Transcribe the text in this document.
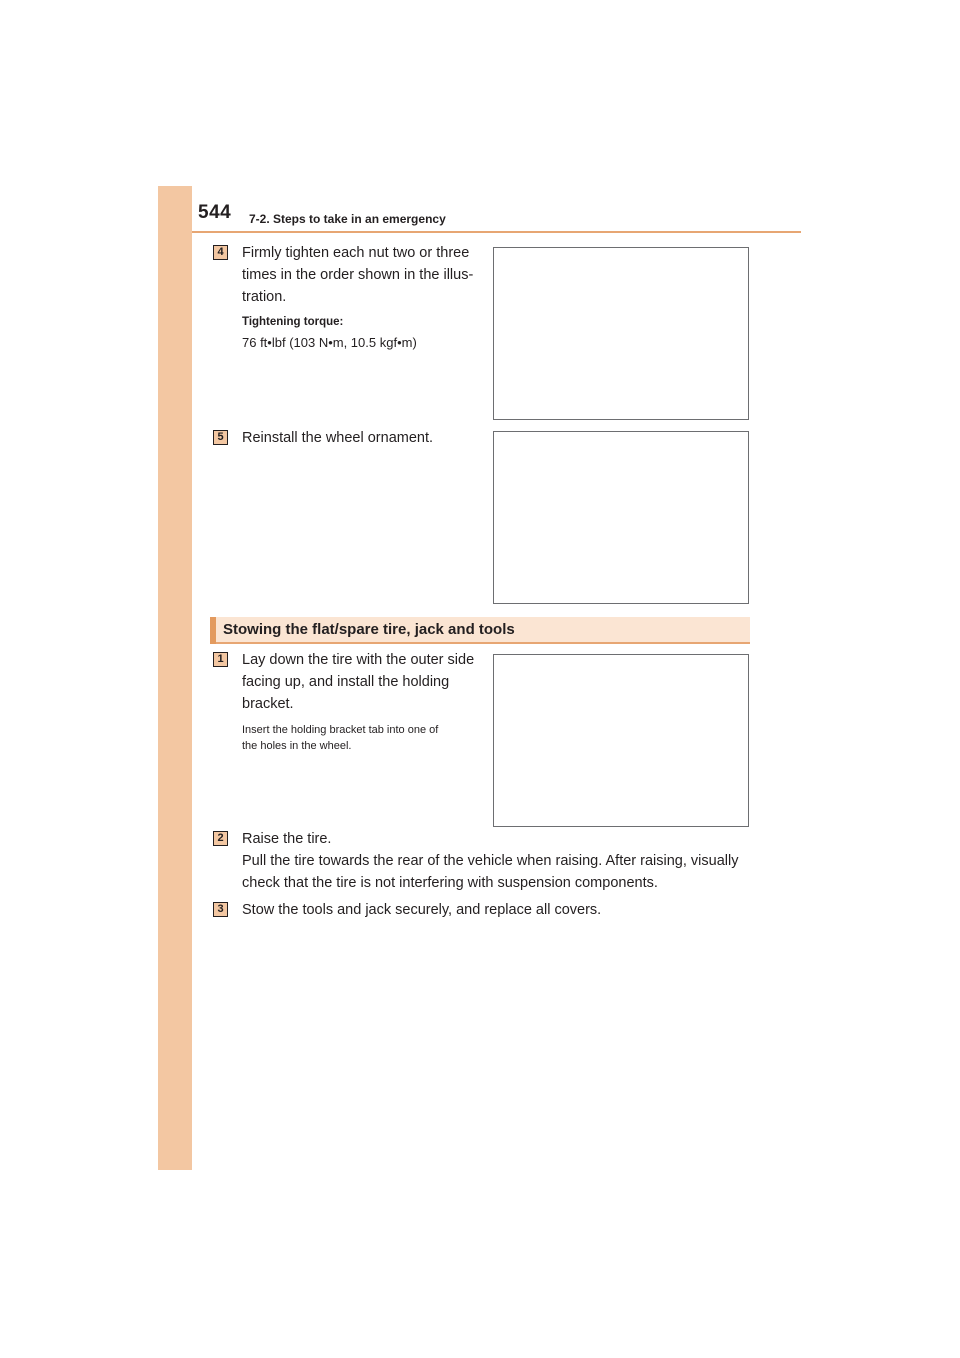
544 7-2. Steps to take in an emergency
4	Firmly tighten each nut two or three
times in the order shown in the illus-
tration.
Tightening torque:
76 ft•lbf (103 N•m, 10.5 kgf•m)
5	Reinstall the wheel ornament.
Stowing the flat/spare tire, jack and tools
1	Lay down the tire with the outer side
facing up, and install the holding
bracket.
Insert the holding bracket tab into one of
the holes in the wheel.
2	Raise the tire.
Pull the tire towards the rear of the vehicle when raising. After raising, visually
check that the tire is not interfering with suspension components.
3	Stow the tools and jack securely, and replace all covers.
